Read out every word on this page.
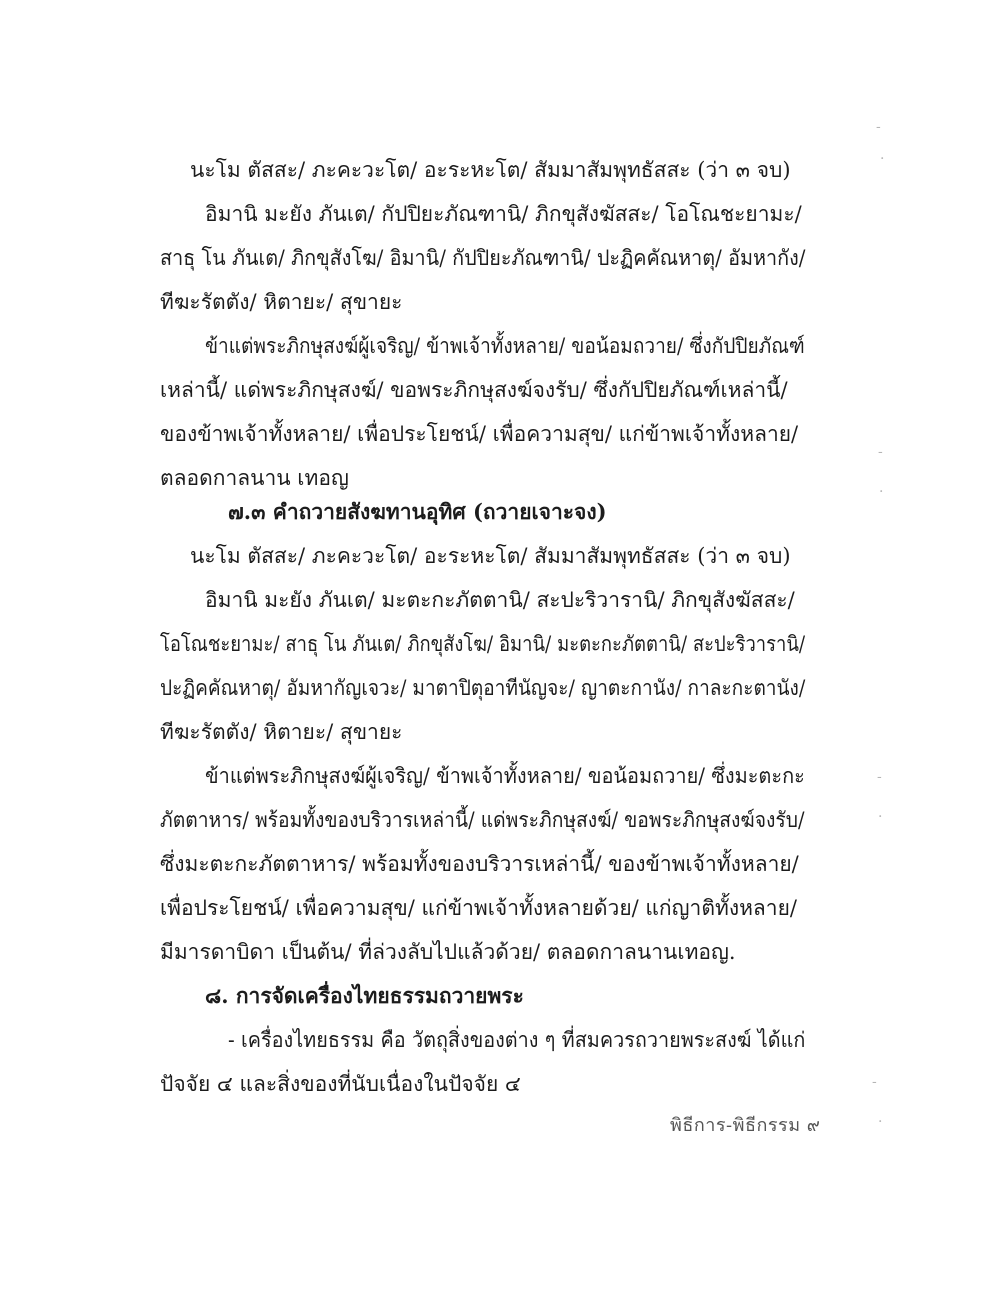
นะโม ตัสสะ/ ภะคะวะโต/ อะระหะโต/ สัมมาสัมพุทธัสสะ (ว่า ๓ จบ)
อิมานิ มะยัง ภันเต/ กัปปิยะภัณฑานิ/ ภิกขุสังฆัสสะ/ โอโณชะยามะ/
สาธุ โน ภันเต/ ภิกขุสังโฆ/ อิมานิ/ กัปปิยะภัณฑานิ/ ปะฏิคคัณหาตุ/ อัมหากัง/
ทีฆะรัตตัง/ หิตายะ/ สุขายะ
ข้าแต่พระภิกษุสงฆ์ผู้เจริญ/ ข้าพเจ้าทั้งหลาย/ ขอน้อมถวาย/ ซึ่งกัปปิยภัณฑ์
เหล่านี้/ แด่พระภิกษุสงฆ์/ ขอพระภิกษุสงฆ์จงรับ/ ซึ่งกัปปิยภัณฑ์เหล่านี้/
ของข้าพเจ้าทั้งหลาย/ เพื่อประโยชน์/ เพื่อความสุข/ แก่ข้าพเจ้าทั้งหลาย/
ตลอดกาลนาน เทอญ
๗.๓ คำถวายสังฆทานอุทิศ (ถวายเจาะจง)
นะโม ตัสสะ/ ภะคะวะโต/ อะระหะโต/ สัมมาสัมพุทธัสสะ (ว่า ๓ จบ)
อิมานิ มะยัง ภันเต/ มะตะกะภัตตานิ/ สะปะริวารานิ/ ภิกขุสังฆัสสะ/
โอโณชะยามะ/ สาธุ โน ภันเต/ ภิกขุสังโฆ/ อิมานิ/ มะตะกะภัตตานิ/ สะปะริวารานิ/
ปะฏิคคัณหาตุ/ อัมหากัญเจวะ/ มาตาปิตุอาทีนัญจะ/ ญาตะกานัง/ กาละกะตานัง/
ทีฆะรัตตัง/ หิตายะ/ สุขายะ
ข้าแต่พระภิกษุสงฆ์ผู้เจริญ/ ข้าพเจ้าทั้งหลาย/ ขอน้อมถวาย/ ซึ่งมะตะกะ
ภัตตาหาร/ พร้อมทั้งของบริวารเหล่านี้/ แด่พระภิกษุสงฆ์/ ขอพระภิกษุสงฆ์จงรับ/
ซึ่งมะตะกะภัตตาหาร/ พร้อมทั้งของบริวารเหล่านี้/ ของข้าพเจ้าทั้งหลาย/
เพื่อประโยชน์/ เพื่อความสุข/ แก่ข้าพเจ้าทั้งหลายด้วย/ แก่ญาติทั้งหลาย/
มีมารดาบิดา เป็นต้น/ ที่ล่วงลับไปแล้วด้วย/ ตลอดกาลนานเทอญ.
๘. การจัดเครื่องไทยธรรมถวายพระ
- เครื่องไทยธรรม คือ วัตถุสิ่งของต่าง ๆ ที่สมควรถวายพระสงฆ์ ได้แก่
ปัจจัย ๔ และสิ่งของที่นับเนื่องในปัจจัย ๔
พิธีการ-พิธีกรรม ๙
‐
·
‐
·
‐
·
‐
·
